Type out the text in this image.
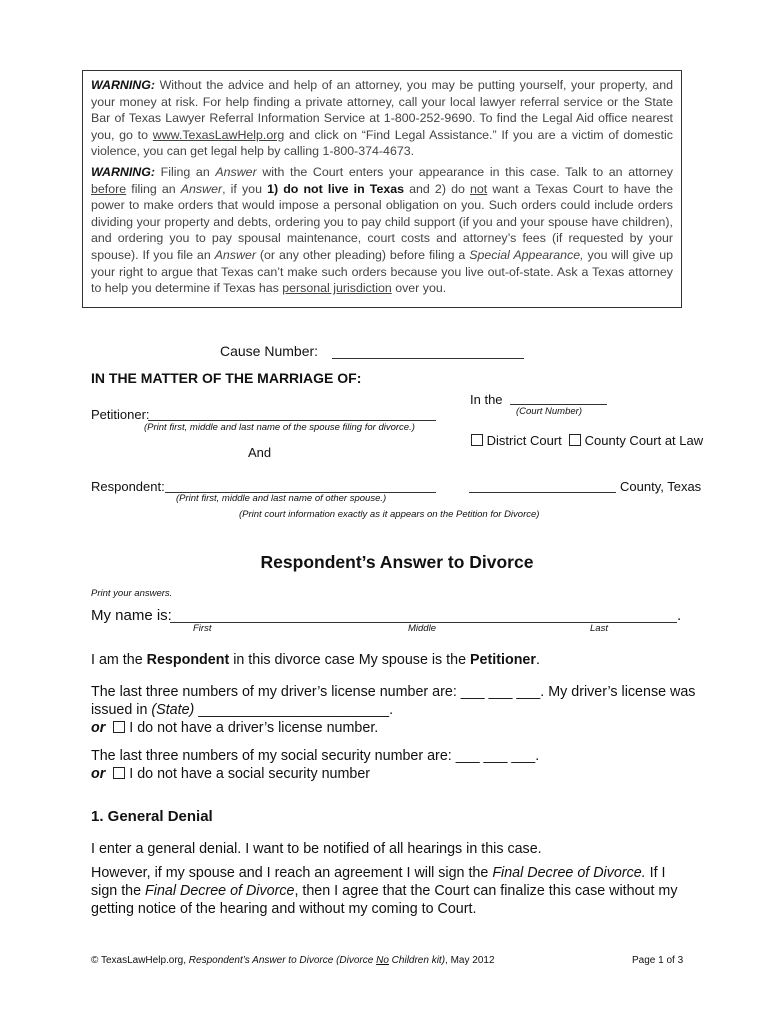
WARNING: Without the advice and help of an attorney, you may be putting yourself, your property, and your money at risk. For help finding a private attorney, call your local lawyer referral service or the State Bar of Texas Lawyer Referral Information Service at 1-800-252-9690. To find the Legal Aid office nearest you, go to www.TexasLawHelp.org and click on “Find Legal Assistance.” If you are a victim of domestic violence, you can get legal help by calling 1-800-374-4673.

WARNING: Filing an Answer with the Court enters your appearance in this case. Talk to an attorney before filing an Answer, if you 1) do not live in Texas and 2) do not want a Texas Court to have the power to make orders that would impose a personal obligation on you. Such orders could include orders dividing your property and debts, ordering you to pay child support (if you and your spouse have children), and ordering you to pay spousal maintenance, court costs and attorney’s fees (if requested by your spouse). If you file an Answer (or any other pleading) before filing a Special Appearance, you will give up your right to argue that Texas can’t make such orders because you live out-of-state. Ask a Texas attorney to help you determine if Texas has personal jurisdiction over you.

Cause Number:
IN THE MATTER OF THE MARRIAGE OF:
In the
(Court Number)
Petitioner:
(Print first, middle and last name of the spouse filing for divorce.)
District Court	County Court at Law
And
Respondent:
(Print first, middle and last name of other spouse.)
County, Texas
(Print court information exactly as it appears on the Petition for Divorce)
Respondent’s Answer to Divorce
Print your answers.
My name is:	.
First	Middle	Last
I am the Respondent in this divorce case My spouse is the Petitioner.
The last three numbers of my driver’s license number are: ___ ___ ___. My driver’s license was
issued in (State) ________________________.
or I do not have a driver’s license number.
The last three numbers of my social security number are: ___ ___ ___.
or I do not have a social security number
1. General Denial
I enter a general denial. I want to be notified of all hearings in this case.
However, if my spouse and I reach an agreement I will sign the Final Decree of Divorce. If I sign the Final Decree of Divorce, then I agree that the Court can finalize this case without my getting notice of the hearing and without my coming to Court.
© TexasLawHelp.org, Respondent’s Answer to Divorce (Divorce No Children kit), May 2012	Page 1 of 3
